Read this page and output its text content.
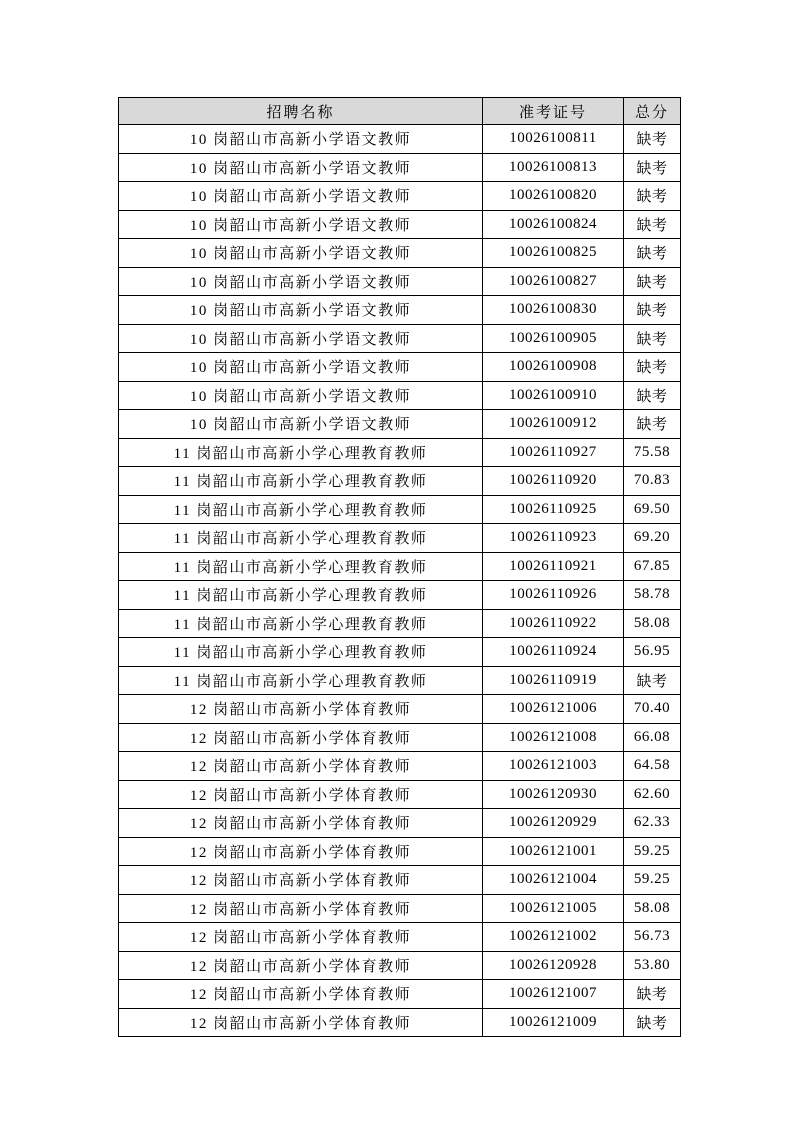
招聘名称	准考证号	总分
10 岗韶山市高新小学语文教师	10026100811	缺考
10 岗韶山市高新小学语文教师	10026100813	缺考
10 岗韶山市高新小学语文教师	10026100820	缺考
10 岗韶山市高新小学语文教师	10026100824	缺考
10 岗韶山市高新小学语文教师	10026100825	缺考
10 岗韶山市高新小学语文教师	10026100827	缺考
10 岗韶山市高新小学语文教师	10026100830	缺考
10 岗韶山市高新小学语文教师	10026100905	缺考
10 岗韶山市高新小学语文教师	10026100908	缺考
10 岗韶山市高新小学语文教师	10026100910	缺考
10 岗韶山市高新小学语文教师	10026100912	缺考
11 岗韶山市高新小学心理教育教师	10026110927	75.58
11 岗韶山市高新小学心理教育教师	10026110920	70.83
11 岗韶山市高新小学心理教育教师	10026110925	69.50
11 岗韶山市高新小学心理教育教师	10026110923	69.20
11 岗韶山市高新小学心理教育教师	10026110921	67.85
11 岗韶山市高新小学心理教育教师	10026110926	58.78
11 岗韶山市高新小学心理教育教师	10026110922	58.08
11 岗韶山市高新小学心理教育教师	10026110924	56.95
11 岗韶山市高新小学心理教育教师	10026110919	缺考
12 岗韶山市高新小学体育教师	10026121006	70.40
12 岗韶山市高新小学体育教师	10026121008	66.08
12 岗韶山市高新小学体育教师	10026121003	64.58
12 岗韶山市高新小学体育教师	10026120930	62.60
12 岗韶山市高新小学体育教师	10026120929	62.33
12 岗韶山市高新小学体育教师	10026121001	59.25
12 岗韶山市高新小学体育教师	10026121004	59.25
12 岗韶山市高新小学体育教师	10026121005	58.08
12 岗韶山市高新小学体育教师	10026121002	56.73
12 岗韶山市高新小学体育教师	10026120928	53.80
12 岗韶山市高新小学体育教师	10026121007	缺考
12 岗韶山市高新小学体育教师	10026121009	缺考
